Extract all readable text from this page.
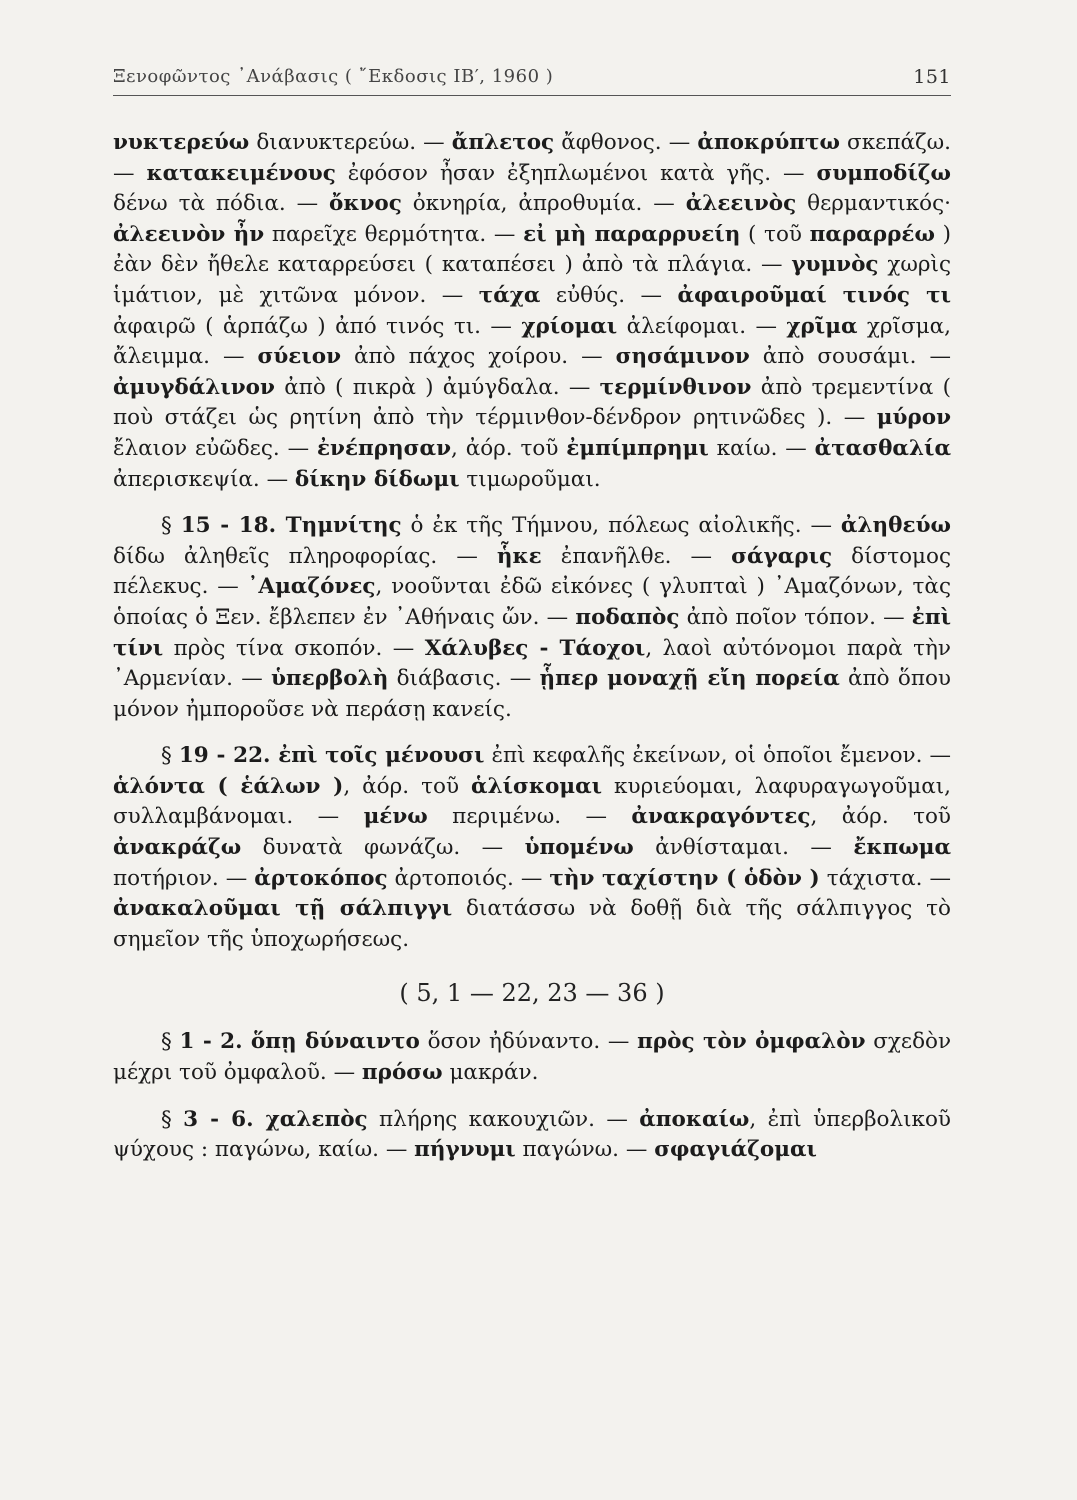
Ξενοφῶντος ᾽Ανάβασις ( ῎Εκδοσις ΙΒ′, 1960 )	151

νυκτερεύω διανυκτερεύω. — ἄπλετος ἄφθονος. — ἀποκρύπτω σκεπάζω. — κατακειμένους ἐφόσον ἦσαν ἐξηπλωμένοι κατὰ γῆς. — συμποδίζω δένω τὰ πόδια. — ὄκνος ὀκνηρία, ἀπροθυμία. — ἀλεεινὸς θερμαντικός· ἀλεεινὸν ἦν παρεῖχε θερμότητα. — εἰ μὴ παραρρυείη ( τοῦ παραρρέω ) ἐὰν δὲν ἤθελε καταρρεύσει ( καταπέσει ) ἀπὸ τὰ πλάγια. — γυμνὸς χωρὶς ἱμάτιον, μὲ χιτῶνα μόνον. — τάχα εὐθύς. — ἀφαιροῦμαί τινός τι ἀφαιρῶ ( ἁρπάζω ) ἀπό τινός τι. — χρίομαι ἀλείφομαι. — χρῖμα χρῖσμα, ἄλειμμα. — σύειον ἀπὸ πάχος χοίρου. — σησάμινον ἀπὸ σουσάμι. — ἀμυγδάλινον ἀπὸ ( πικρὰ ) ἀμύγδαλα. — τερμίνθινον ἀπὸ τρεμεντίνα ( ποὺ στάζει ὡς ρητίνη ἀπὸ τὴν τέρμινθον-δένδρον ρητινῶδες ). — μύρον ἔλαιον εὐῶδες. — ἐνέπρησαν, ἀόρ. τοῦ ἐμπίμπρημι καίω. — ἀτασθαλία ἀπερισκεψία. — δίκην δίδωμι τιμωροῦμαι.

§ 15 - 18. Τημνίτης ὁ ἐκ τῆς Τήμνου, πόλεως αἰολικῆς. — ἀληθεύω δίδω ἀληθεῖς πληροφορίας. — ἧκε ἐπανῆλθε. — σάγαρις δίστομος πέλεκυς. — ᾽Αμαζόνες, νοοῦνται ἐδῶ εἰκόνες ( γλυπταὶ ) ᾽Αμαζόνων, τὰς ὁποίας ὁ Ξεν. ἔβλεπεν ἐν ᾽Αθήναις ὤν. — ποδαπὸς ἀπὸ ποῖον τόπον. — ἐπὶ τίνι πρὸς τίνα σκοπόν. — Χάλυβες - Τάοχοι, λαοὶ αὐτόνομοι παρὰ τὴν ᾽Αρμενίαν. — ὑπερβολὴ διάβασις. — ᾗπερ μοναχῇ εἴη πορεία ἀπὸ ὅπου μόνον ἠμποροῦσε νὰ περάσῃ κανείς.

§ 19 - 22. ἐπὶ τοῖς μένουσι ἐπὶ κεφαλῆς ἐκείνων, οἱ ὁποῖοι ἔμενον. — ἁλόντα ( ἑάλων ), ἀόρ. τοῦ ἁλίσκομαι κυριεύομαι, λαφυραγωγοῦμαι, συλλαμβάνομαι. — μένω περιμένω. — ἀνακραγόντες, ἀόρ. τοῦ ἀνακράζω δυνατὰ φωνάζω. — ὑπομένω ἀνθίσταμαι. — ἔκπωμα ποτήριον. — ἀρτοκόπος ἀρτοποιός. — τὴν ταχίστην ( ὁδὸν ) τάχιστα. — ἀνακαλοῦμαι τῇ σάλπιγγι διατάσσω νὰ δοθῇ διὰ τῆς σάλπιγγος τὸ σημεῖον τῆς ὑποχωρήσεως.

( 5, 1 — 22, 23 — 36 )

§ 1 - 2. ὅπῃ δύναιντο ὅσον ἠδύναντο. — πρὸς τὸν ὀμφαλὸν σχεδὸν μέχρι τοῦ ὀμφαλοῦ. — πρόσω μακράν.

§ 3 - 6. χαλεπὸς πλήρης κακουχιῶν. — ἀποκαίω, ἐπὶ ὑπερβολικοῦ ψύχους : παγώνω, καίω. — πήγνυμι παγώνω. — σφαγιάζομαι
